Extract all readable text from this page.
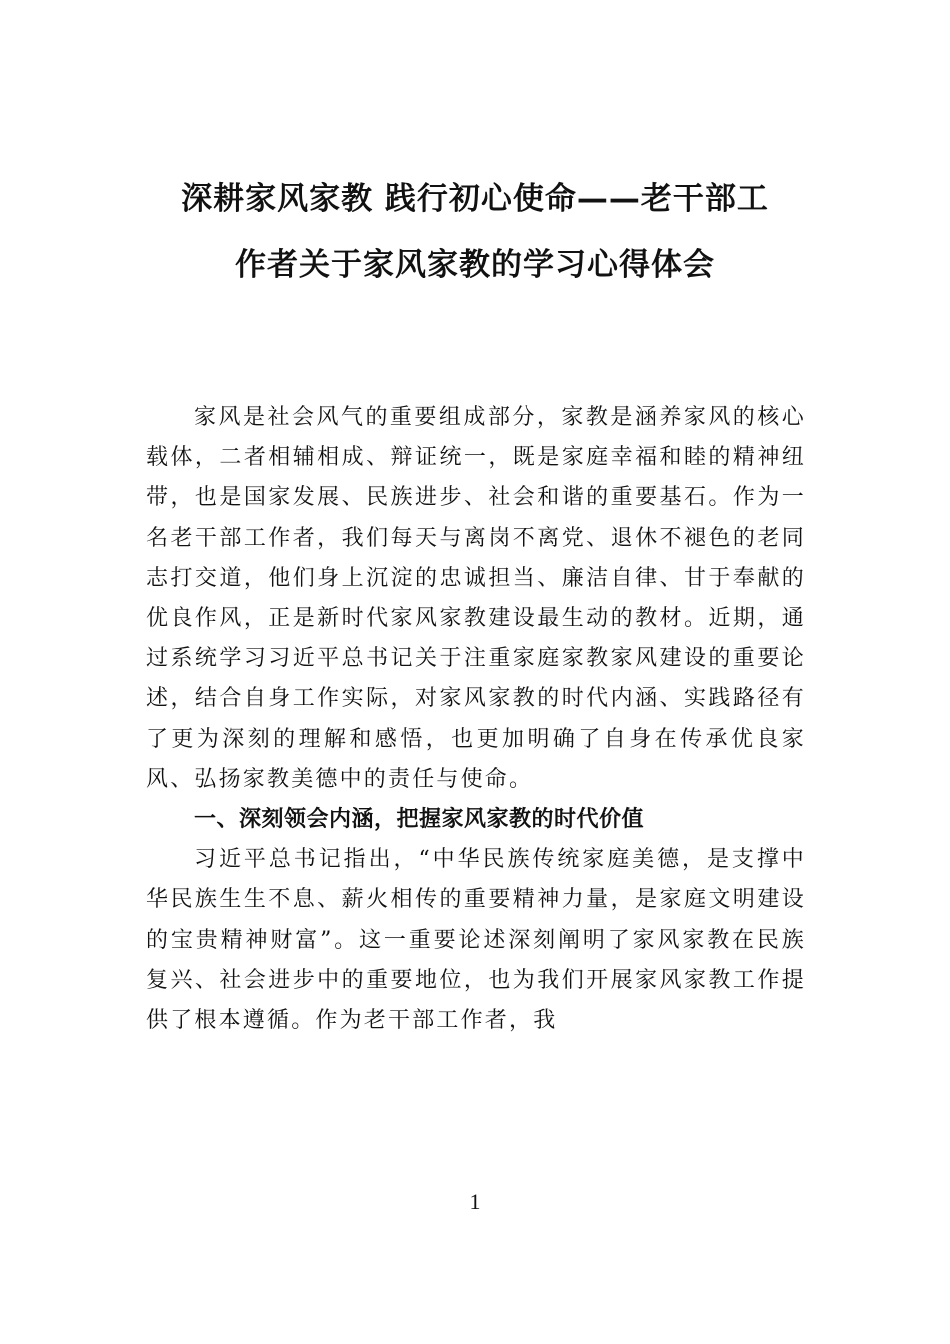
深耕家风家教 践行初心使命——老干部工
作者关于家风家教的学习心得体会

家风是社会风气的重要组成部分，家教是涵养家风的核心载体，二者相辅相成、辩证统一，既是家庭幸福和睦的精神纽带，也是国家发展、民族进步、社会和谐的重要基石。作为一名老干部工作者，我们每天与离岗不离党、退休不褪色的老同志打交道，他们身上沉淀的忠诚担当、廉洁自律、甘于奉献的优良作风，正是新时代家风家教建设最生动的教材。近期，通过系统学习习近平总书记关于注重家庭家教家风建设的重要论述，结合自身工作实际，对家风家教的时代内涵、实践路径有了更为深刻的理解和感悟，也更加明确了自身在传承优良家风、弘扬家教美德中的责任与使命。

一、深刻领会内涵，把握家风家教的时代价值

习近平总书记指出，“中华民族传统家庭美德，是支撑中华民族生生不息、薪火相传的重要精神力量，是家庭文明建设的宝贵精神财富”。这一重要论述深刻阐明了家风家教在民族复兴、社会进步中的重要地位，也为我们开展家风家教工作提供了根本遵循。作为老干部工作者，我

1
